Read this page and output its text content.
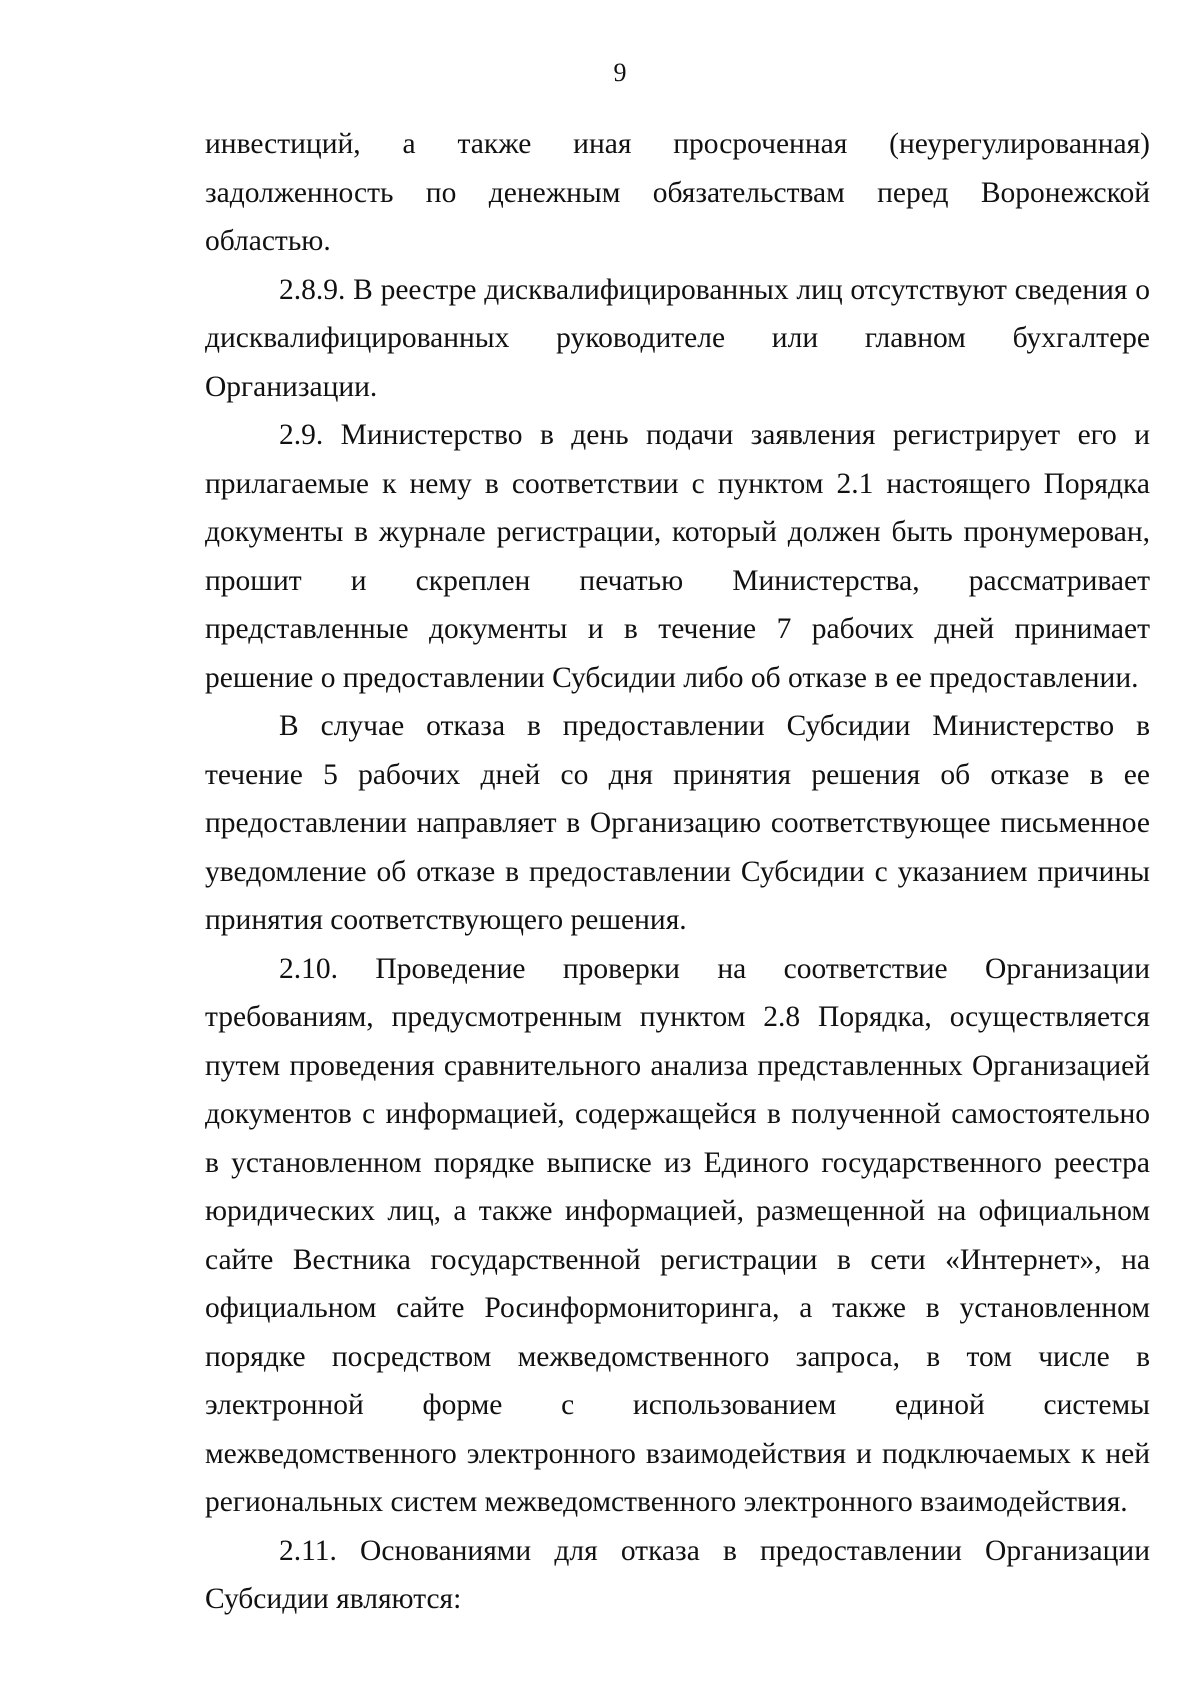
9

инвестиций, а также иная просроченная (неурегулированная) задолженность по денежным обязательствам перед Воронежской областью.

2.8.9. В реестре дисквалифицированных лиц отсутствуют сведения о дисквалифицированных руководителе или главном бухгалтере Организации.

2.9. Министерство в день подачи заявления регистрирует его и прилагаемые к нему в соответствии с пунктом 2.1 настоящего Порядка документы в журнале регистрации, который должен быть пронумерован, прошит и скреплен печатью Министерства, рассматривает представленные документы и в течение 7 рабочих дней принимает решение о предоставлении Субсидии либо об отказе в ее предоставлении.

В случае отказа в предоставлении Субсидии Министерство в течение 5 рабочих дней со дня принятия решения об отказе в ее предоставлении направляет в Организацию соответствующее письменное уведомление об отказе в предоставлении Субсидии с указанием причины принятия соответствующего решения.

2.10. Проведение проверки на соответствие Организации требованиям, предусмотренным пунктом 2.8 Порядка, осуществляется путем проведения сравнительного анализа представленных Организацией документов с информацией, содержащейся в полученной самостоятельно в установленном порядке выписке из Единого государственного реестра юридических лиц, а также информацией, размещенной на официальном сайте Вестника государственной регистрации в сети «Интернет», на официальном сайте Росинформониторинга, а также в установленном порядке посредством межведомственного запроса, в том числе в электронной форме с использованием единой системы межведомственного электронного взаимодействия и подключаемых к ней региональных систем межведомственного электронного взаимодействия.

2.11. Основаниями для отказа в предоставлении Организации Субсидии являются:
